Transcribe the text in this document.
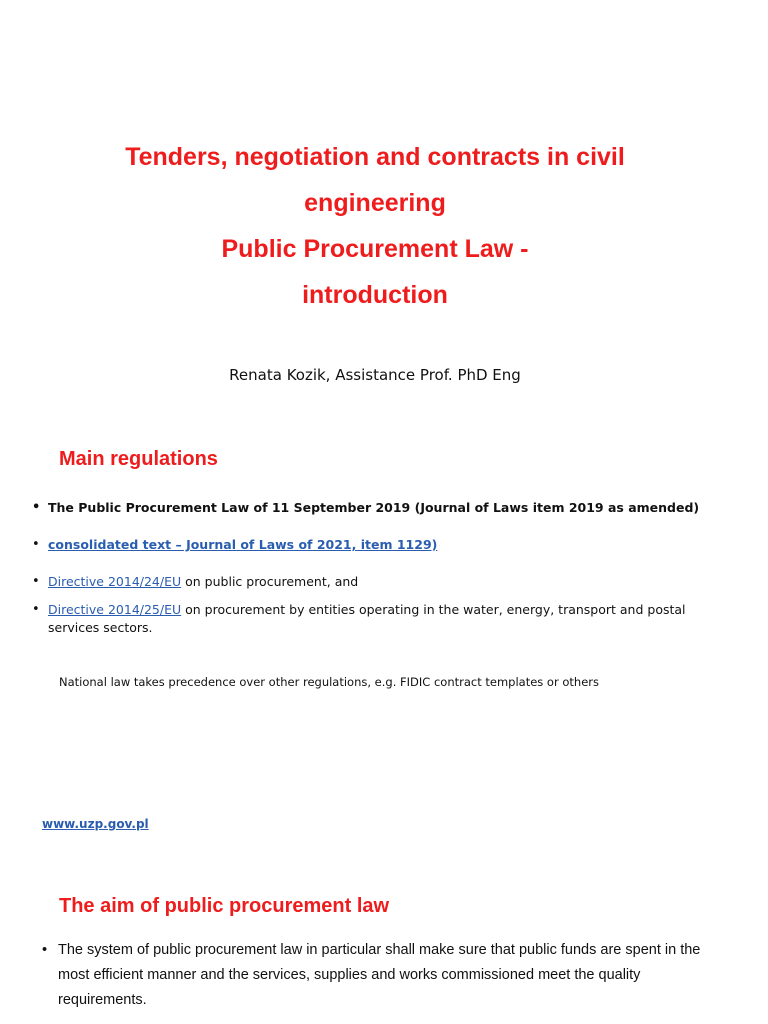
Tenders, negotiation and contracts in civil
engineering
Public Procurement Law -
introduction
Renata Kozik, Assistance Prof. PhD Eng
Main regulations
• The Public Procurement Law of 11 September 2019 (Journal of Laws item 2019 as amended)
• consolidated text – Journal of Laws of 2021, item 1129)
• Directive 2014/24/EU on public procurement, and
• Directive 2014/25/EU on procurement by entities operating in the water, energy, transport and postal services sectors.
National law takes precedence over other regulations, e.g. FIDIC contract templates or others
www.uzp.gov.pl
The aim of public procurement law
• The system of public procurement law in particular shall make sure that public funds are spent in the most efficient manner and the services, supplies and works commissioned meet the quality requirements.
